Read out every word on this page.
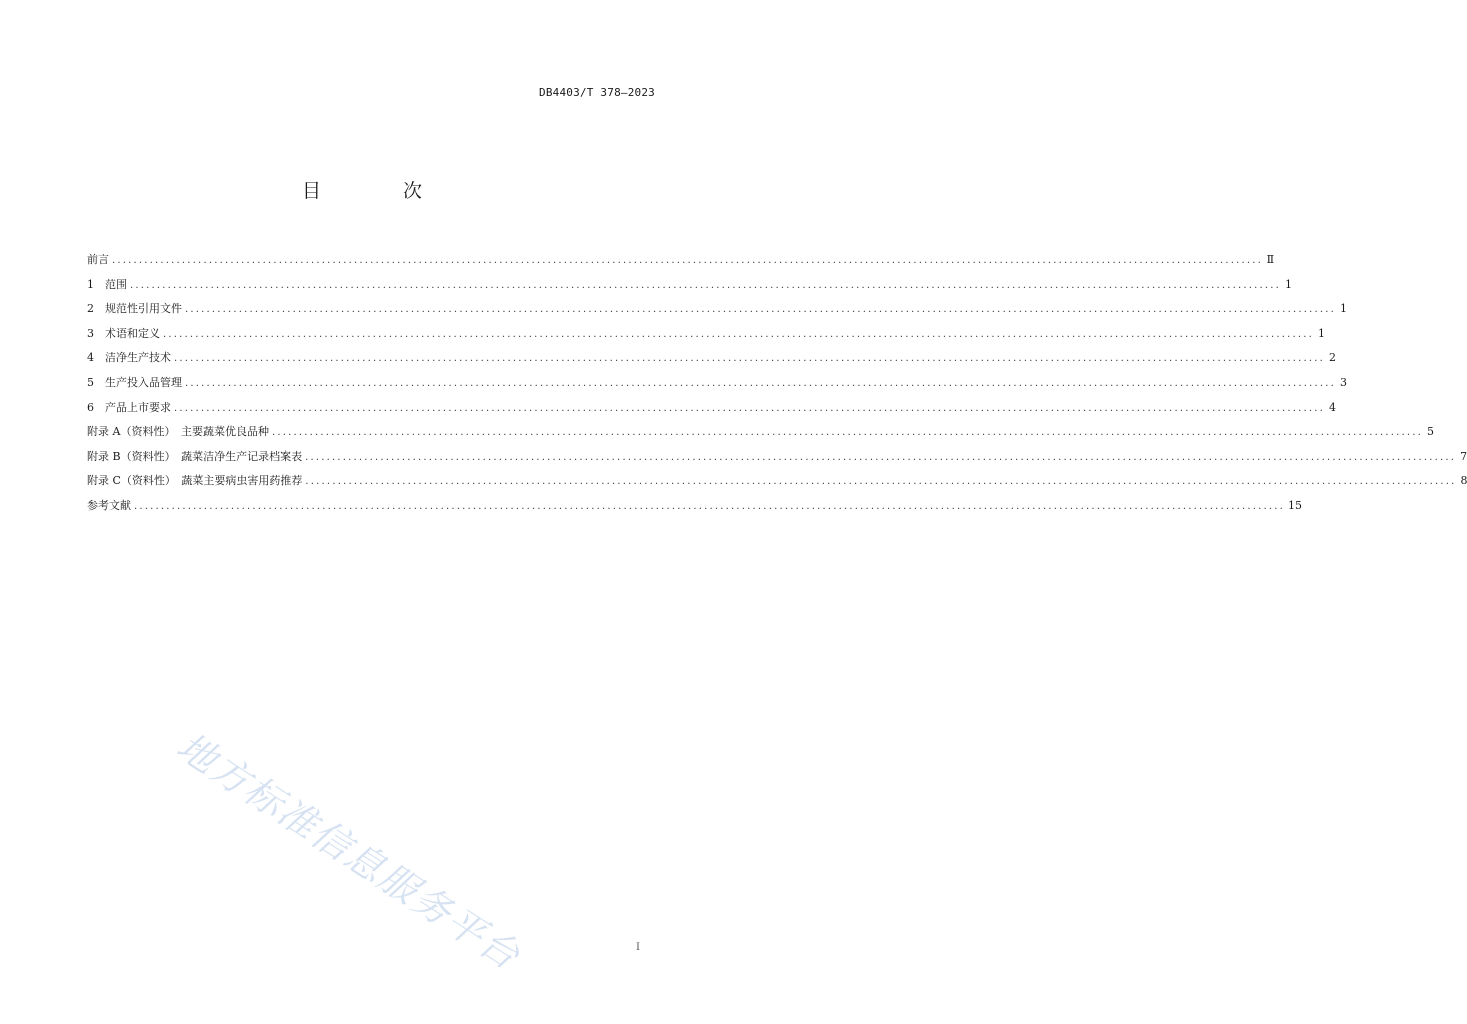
DB4403/T 378—2023
目 次
前言 ...................................................................................................................................................................................................................... Ⅱ
1　范围 ...................................................................................................................................................................................................................... 1
2　规范性引用文件 ...................................................................................................................................................................................................................... 1
3　术语和定义 ...................................................................................................................................................................................................................... 1
4　洁净生产技术 ...................................................................................................................................................................................................................... 2
5　生产投入品管理 ...................................................................................................................................................................................................................... 3
6　产品上市要求 ...................................................................................................................................................................................................................... 4
附录 A（资料性）　主要蔬菜优良品种 ...................................................................................................................................................................................................................... 5
附录 B（资料性）　蔬菜洁净生产记录档案表 ...................................................................................................................................................................................................................... 7
附录 C（资料性）　蔬菜主要病虫害用药推荐 ...................................................................................................................................................................................................................... 8
参考文献 ...................................................................................................................................................................................................................... 15
地方标准信息服务平台	I
